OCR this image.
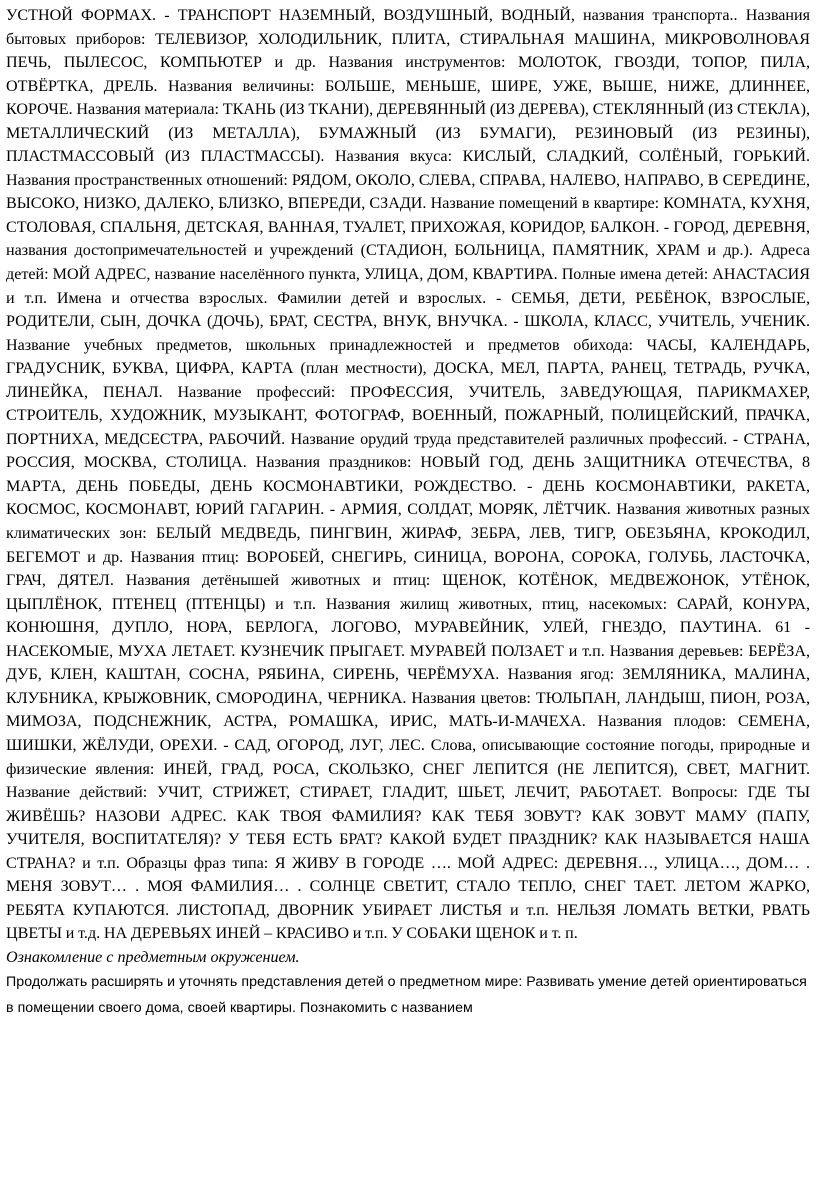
УСТНОЙ ФОРМАХ. - ТРАНСПОРТ НАЗЕМНЫЙ, ВОЗДУШНЫЙ, ВОДНЫЙ, названия транспорта.. Названия бытовых приборов: ТЕЛЕВИЗОР, ХОЛОДИЛЬНИК, ПЛИТА, СТИРАЛЬНАЯ МАШИНА, МИКРОВОЛНОВАЯ ПЕЧЬ, ПЫЛЕСОС, КОМПЬЮТЕР и др. Названия инструментов: МОЛОТОК, ГВОЗДИ, ТОПОР, ПИЛА, ОТВЁРТКА, ДРЕЛЬ. Названия величины: БОЛЬШЕ, МЕНЬШЕ, ШИРЕ, УЖЕ, ВЫШЕ, НИЖЕ, ДЛИННЕЕ, КОРОЧЕ. Названия материала: ТКАНЬ (ИЗ ТКАНИ), ДЕРЕВЯННЫЙ (ИЗ ДЕРЕВА), СТЕКЛЯННЫЙ (ИЗ СТЕКЛА), МЕТАЛЛИЧЕСКИЙ (ИЗ МЕТАЛЛА), БУМАЖНЫЙ (ИЗ БУМАГИ), РЕЗИНОВЫЙ (ИЗ РЕЗИНЫ), ПЛАСТМАССОВЫЙ (ИЗ ПЛАСТМАССЫ). Названия вкуса: КИСЛЫЙ, СЛАДКИЙ, СОЛЁНЫЙ, ГОРЬКИЙ. Названия пространственных отношений: РЯДОМ, ОКОЛО, СЛЕВА, СПРАВА, НАЛЕВО, НАПРАВО, В СЕРЕДИНЕ, ВЫСОКО, НИЗКО, ДАЛЕКО, БЛИЗКО, ВПЕРЕДИ, СЗАДИ. Название помещений в квартире: КОМНАТА, КУХНЯ, СТОЛОВАЯ, СПАЛЬНЯ, ДЕТСКАЯ, ВАННАЯ, ТУАЛЕТ, ПРИХОЖАЯ, КОРИДОР, БАЛКОН. - ГОРОД, ДЕРЕВНЯ, названия достопримечательностей и учреждений (СТАДИОН, БОЛЬНИЦА, ПАМЯТНИК, ХРАМ и др.). Адреса детей: МОЙ АДРЕС, название населённого пункта, УЛИЦА, ДОМ, КВАРТИРА. Полные имена детей: АНАСТАСИЯ и т.п. Имена и отчества взрослых. Фамилии детей и взрослых. - СЕМЬЯ, ДЕТИ, РЕБЁНОК, ВЗРОСЛЫЕ, РОДИТЕЛИ, СЫН, ДОЧКА (ДОЧЬ), БРАТ, СЕСТРА, ВНУК, ВНУЧКА. - ШКОЛА, КЛАСС, УЧИТЕЛЬ, УЧЕНИК. Название учебных предметов, школьных принадлежностей и предметов обихода: ЧАСЫ, КАЛЕНДАРЬ, ГРАДУСНИК, БУКВА, ЦИФРА, КАРТА (план местности), ДОСКА, МЕЛ, ПАРТА, РАНЕЦ, ТЕТРАДЬ, РУЧКА, ЛИНЕЙКА, ПЕНАЛ. Название профессий: ПРОФЕССИЯ, УЧИТЕЛЬ, ЗАВЕДУЮЩАЯ, ПАРИКМАХЕР, СТРОИТЕЛЬ, ХУДОЖНИК, МУЗЫКАНТ, ФОТОГРАФ, ВОЕННЫЙ, ПОЖАРНЫЙ, ПОЛИЦЕЙСКИЙ, ПРАЧКА, ПОРТНИХА, МЕДСЕСТРА, РАБОЧИЙ. Название орудий труда представителей различных профессий. - СТРАНА, РОССИЯ, МОСКВА, СТОЛИЦА. Названия праздников: НОВЫЙ ГОД, ДЕНЬ ЗАЩИТНИКА ОТЕЧЕСТВА, 8 МАРТА, ДЕНЬ ПОБЕДЫ, ДЕНЬ КОСМОНАВТИКИ, РОЖДЕСТВО. - ДЕНЬ КОСМОНАВТИКИ, РАКЕТА, КОСМОС, КОСМОНАВТ, ЮРИЙ ГАГАРИН. - АРМИЯ, СОЛДАТ, МОРЯК, ЛЁТЧИК. Названия животных разных климатических зон: БЕЛЫЙ МЕДВЕДЬ, ПИНГВИН, ЖИРАФ, ЗЕБРА, ЛЕВ, ТИГР, ОБЕЗЬЯНА, КРОКОДИЛ, БЕГЕМОТ и др. Названия птиц: ВОРОБЕЙ, СНЕГИРЬ, СИНИЦА, ВОРОНА, СОРОКА, ГОЛУБЬ, ЛАСТОЧКА, ГРАЧ, ДЯТЕЛ. Названия детёнышей животных и птиц: ЩЕНОК, КОТЁНОК, МЕДВЕЖОНОК, УТЁНОК, ЦЫПЛЁНОК, ПТЕНЕЦ (ПТЕНЦЫ) и т.п. Названия жилищ животных, птиц, насекомых: САРАЙ, КОНУРА, КОНЮШНЯ, ДУПЛО, НОРА, БЕРЛОГА, ЛОГОВО, МУРАВЕЙНИК, УЛЕЙ, ГНЕЗДО, ПАУТИНА. 61 - НАСЕКОМЫЕ, МУХА ЛЕТАЕТ. КУЗНЕЧИК ПРЫГАЕТ. МУРАВЕЙ ПОЛЗАЕТ и т.п. Названия деревьев: БЕРЁЗА, ДУБ, КЛЕН, КАШТАН, СОСНА, РЯБИНА, СИРЕНЬ, ЧЕРЁМУХА. Названия ягод: ЗЕМЛЯНИКА, МАЛИНА, КЛУБНИКА, КРЫЖОВНИК, СМОРОДИНА, ЧЕРНИКА. Названия цветов: ТЮЛЬПАН, ЛАНДЫШ, ПИОН, РОЗА, МИМОЗА, ПОДСНЕЖНИК, АСТРА, РОМАШКА, ИРИС, МАТЬ-И-МАЧЕХА. Названия плодов: СЕМЕНА, ШИШКИ, ЖЁЛУДИ, ОРЕХИ. - САД, ОГОРОД, ЛУГ, ЛЕС. Слова, описывающие состояние погоды, природные и физические явления: ИНЕЙ, ГРАД, РОСА, СКОЛЬЗКО, СНЕГ ЛЕПИТСЯ (НЕ ЛЕПИТСЯ), СВЕТ, МАГНИТ. Название действий: УЧИТ, СТРИЖЕТ, СТИРАЕТ, ГЛАДИТ, ШЬЕТ, ЛЕЧИТ, РАБОТАЕТ. Вопросы: ГДЕ ТЫ ЖИВЁШЬ? НАЗОВИ АДРЕС. КАК ТВОЯ ФАМИЛИЯ? КАК ТЕБЯ ЗОВУТ? КАК ЗОВУТ МАМУ (ПАПУ, УЧИТЕЛЯ, ВОСПИТАТЕЛЯ)? У ТЕБЯ ЕСТЬ БРАТ? КАКОЙ БУДЕТ ПРАЗДНИК? КАК НАЗЫВАЕТСЯ НАША СТРАНА? и т.п. Образцы фраз типа: Я ЖИВУ В ГОРОДЕ …. МОЙ АДРЕС: ДЕРЕВНЯ…, УЛИЦА…, ДОМ… . МЕНЯ ЗОВУТ… . МОЯ ФАМИЛИЯ… . СОЛНЦЕ СВЕТИТ, СТАЛО ТЕПЛО, СНЕГ ТАЕТ. ЛЕТОМ ЖАРКО, РЕБЯТА КУПАЮТСЯ. ЛИСТОПАД, ДВОРНИК УБИРАЕТ ЛИСТЬЯ и т.п. НЕЛЬЗЯ ЛОМАТЬ ВЕТКИ, РВАТЬ ЦВЕТЫ и т.д. НА ДЕРЕВЬЯХ ИНЕЙ – КРАСИВО и т.п. У СОБАКИ ЩЕНОК и т. п.

Ознакомление с предметным окружением.

Продолжать расширять и уточнять представления детей о предметном мире: Развивать умение детей ориентироваться в помещении своего дома, своей квартиры. Познакомить с названием
